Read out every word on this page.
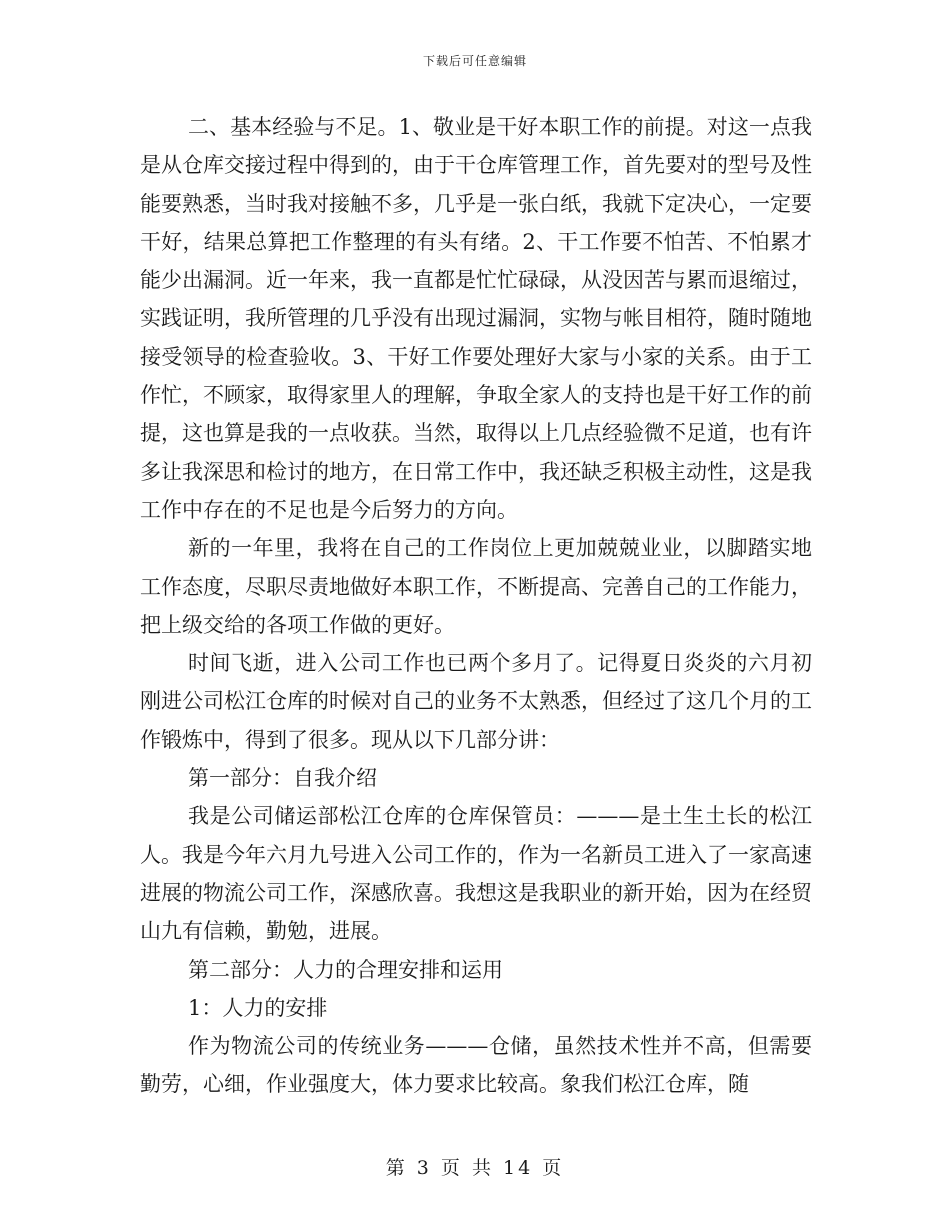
下载后可任意编辑

二、基本经验与不足。1、敬业是干好本职工作的前提。对这一点我是从仓库交接过程中得到的，由于干仓库管理工作，首先要对的型号及性能要熟悉，当时我对接触不多，几乎是一张白纸，我就下定决心，一定要干好，结果总算把工作整理的有头有绪。2、干工作要不怕苦、不怕累才能少出漏洞。近一年来，我一直都是忙忙碌碌，从没因苦与累而退缩过，实践证明，我所管理的几乎没有出现过漏洞，实物与帐目相符，随时随地接受领导的检查验收。3、干好工作要处理好大家与小家的关系。由于工作忙，不顾家，取得家里人的理解，争取全家人的支持也是干好工作的前提，这也算是我的一点收获。当然，取得以上几点经验微不足道，也有许多让我深思和检讨的地方，在日常工作中，我还缺乏积极主动性，这是我工作中存在的不足也是今后努力的方向。

新的一年里，我将在自己的工作岗位上更加兢兢业业，以脚踏实地工作态度，尽职尽责地做好本职工作，不断提高、完善自己的工作能力，把上级交给的各项工作做的更好。

时间飞逝，进入公司工作也已两个多月了。记得夏日炎炎的六月初刚进公司松江仓库的时候对自己的业务不太熟悉，但经过了这几个月的工作锻炼中，得到了很多。现从以下几部分讲：

第一部分：自我介绍

我是公司储运部松江仓库的仓库保管员：———是土生土长的松江人。我是今年六月九号进入公司工作的，作为一名新员工进入了一家高速进展的物流公司工作，深感欣喜。我想这是我职业的新开始，因为在经贸山九有信赖，勤勉，进展。

第二部分：人力的合理安排和运用

1：人力的安排

作为物流公司的传统业务———仓储，虽然技术性并不高，但需要勤劳，心细，作业强度大，体力要求比较高。象我们松江仓库，随

第 3 页 共 14 页
